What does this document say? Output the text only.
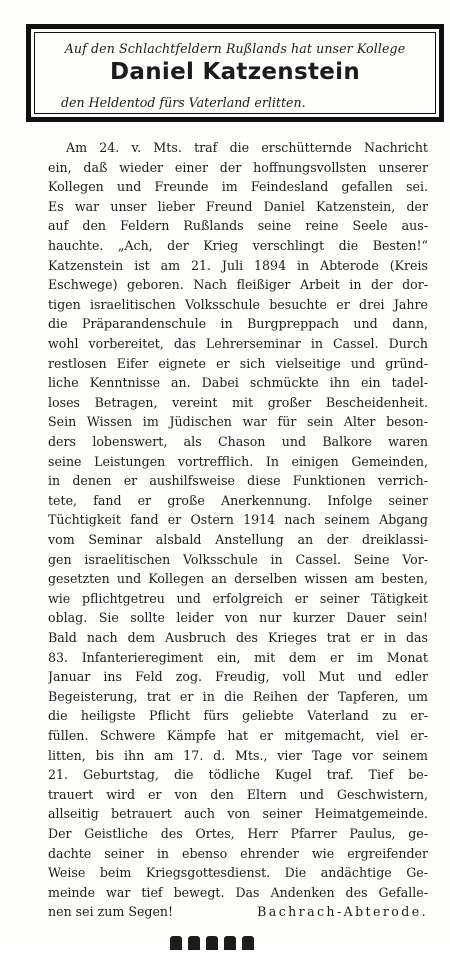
Auf den Schlachtfeldern Rußlands hat unser Kollege
Daniel Katzenstein
den Heldentod fürs Vaterland erlitten.
Am 24. v. Mts. traf die erschütternde Nachricht
ein, daß wieder einer der hoffnungsvollsten unserer
Kollegen und Freunde im Feindesland gefallen sei.
Es war unser lieber Freund Daniel Katzenstein, der
auf den Feldern Rußlands seine reine Seele aus-
hauchte. „Ach, der Krieg verschlingt die Besten!“
Katzenstein ist am 21. Juli 1894 in Abterode (Kreis
Eschwege) geboren. Nach fleißiger Arbeit in der dor-
tigen israelitischen Volksschule besuchte er drei Jahre
die Präparandenschule in Burgpreppach und dann,
wohl vorbereitet, das Lehrerseminar in Cassel. Durch
restlosen Eifer eignete er sich vielseitige und gründ-
liche Kenntnisse an. Dabei schmückte ihn ein tadel-
loses Betragen, vereint mit großer Bescheidenheit.
Sein Wissen im Jüdischen war für sein Alter beson-
ders lobenswert, als Chason und Balkore waren
seine Leistungen vortrefflich. In einigen Gemeinden,
in denen er aushilfsweise diese Funktionen verrich-
tete, fand er große Anerkennung. Infolge seiner
Tüchtigkeit fand er Ostern 1914 nach seinem Abgang
vom Seminar alsbald Anstellung an der dreiklassi-
gen israelitischen Volksschule in Cassel. Seine Vor-
gesetzten und Kollegen an derselben wissen am besten,
wie pflichtgetreu und erfolgreich er seiner Tätigkeit
oblag. Sie sollte leider von nur kurzer Dauer sein!
Bald nach dem Ausbruch des Krieges trat er in das
83. Infanterieregiment ein, mit dem er im Monat
Januar ins Feld zog. Freudig, voll Mut und edler
Begeisterung, trat er in die Reihen der Tapferen, um
die heiligste Pflicht fürs geliebte Vaterland zu er-
füllen. Schwere Kämpfe hat er mitgemacht, viel er-
litten, bis ihn am 17. d. Mts., vier Tage vor seinem
21. Geburtstag, die tödliche Kugel traf. Tief be-
trauert wird er von den Eltern und Geschwistern,
allseitig betrauert auch von seiner Heimatgemeinde.
Der Geistliche des Ortes, Herr Pfarrer Paulus, ge-
dachte seiner in ebenso ehrender wie ergreifender
Weise beim Kriegsgottesdienst. Die andächtige Ge-
meinde war tief bewegt. Das Andenken des Gefalle-
nen sei zum Segen!	Bachrach-Abterode.
